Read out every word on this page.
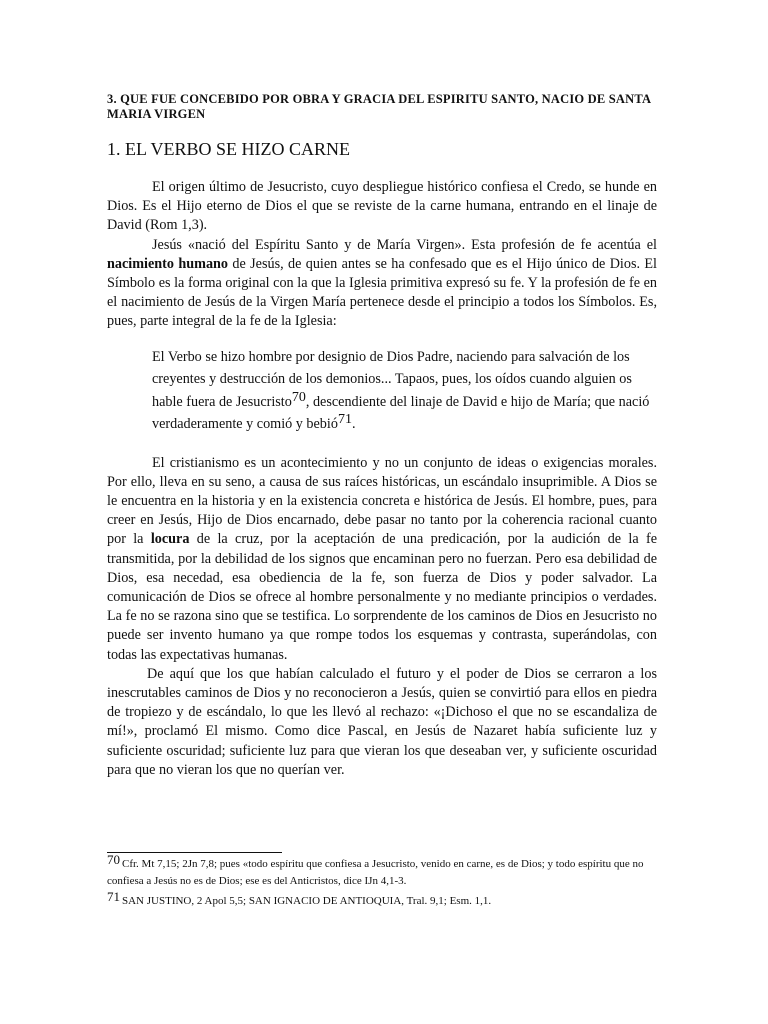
3. QUE FUE CONCEBIDO POR OBRA Y GRACIA DEL ESPIRITU SANTO, NACIO DE SANTA MARIA VIRGEN
1. EL VERBO SE HIZO CARNE

El origen último de Jesucristo, cuyo despliegue histórico confiesa el Credo, se hunde en Dios. Es el Hijo eterno de Dios el que se reviste de la carne humana, entrando en el linaje de David (Rom 1,3).

Jesús «nació del Espíritu Santo y de María Virgen». Esta profesión de fe acentúa el nacimiento humano de Jesús, de quien antes se ha confesado que es el Hijo único de Dios. El Símbolo es la forma original con la que la Iglesia primitiva expresó su fe. Y la profesión de fe en el nacimiento de Jesús de la Virgen María pertenece desde el principio a todos los Símbolos. Es, pues, parte integral de la fe de la Iglesia:

El Verbo se hizo hombre por designio de Dios Padre, naciendo para salvación de los creyentes y destrucción de los demonios... Tapaos, pues, los oídos cuando alguien os hable fuera de Jesucristo$^{70}$, descendiente del linaje de David e hijo de María; que nació verdaderamente y comió y bebió$^{71}$.

El cristianismo es un acontecimiento y no un conjunto de ideas o exigencias morales. Por ello, lleva en su seno, a causa de sus raíces históricas, un escándalo insuprimible. A Dios se le encuentra en la historia y en la existencia concreta e histórica de Jesús. El hombre, pues, para creer en Jesús, Hijo de Dios encarnado, debe pasar no tanto por la coherencia racional cuanto por la locura de la cruz, por la aceptación de una predicación, por la audición de la fe transmitida, por la debilidad de los signos que encaminan pero no fuerzan. Pero esa debilidad de Dios, esa necedad, esa obediencia de la fe, son fuerza de Dios y poder salvador. La comunicación de Dios se ofrece al hombre personalmente y no mediante principios o verdades. La fe no se razona sino que se testifica. Lo sorprendente de los caminos de Dios en Jesucristo no puede ser invento humano ya que rompe todos los esquemas y contrasta, superándolas, con todas las expectativas humanas.

De aquí que los que habían calculado el futuro y el poder de Dios se cerraron a los inescrutables caminos de Dios y no reconocieron a Jesús, quien se convirtió para ellos en piedra de tropiezo y de escándalo, lo que les llevó al rechazo: «¡Dichoso el que no se escandaliza de mí!», proclamó El mismo. Como dice Pascal, en Jesús de Nazaret había suficiente luz y suficiente oscuridad; suficiente luz para que vieran los que deseaban ver, y suficiente oscuridad para que no vieran los que no querían ver.

$^{70}$ Cfr. Mt 7,15; 2Jn 7,8; pues «todo espíritu que confiesa a Jesucristo, venido en carne, es de Dios; y todo espíritu que no confiesa a Jesús no es de Dios; ese es del Anticristos, dice IJn 4,1-3.

$^{71}$ SAN JUSTINO, 2 Apol 5,5; SAN IGNACIO DE ANTIOQUIA, Tral. 9,1; Esm. 1,1.
